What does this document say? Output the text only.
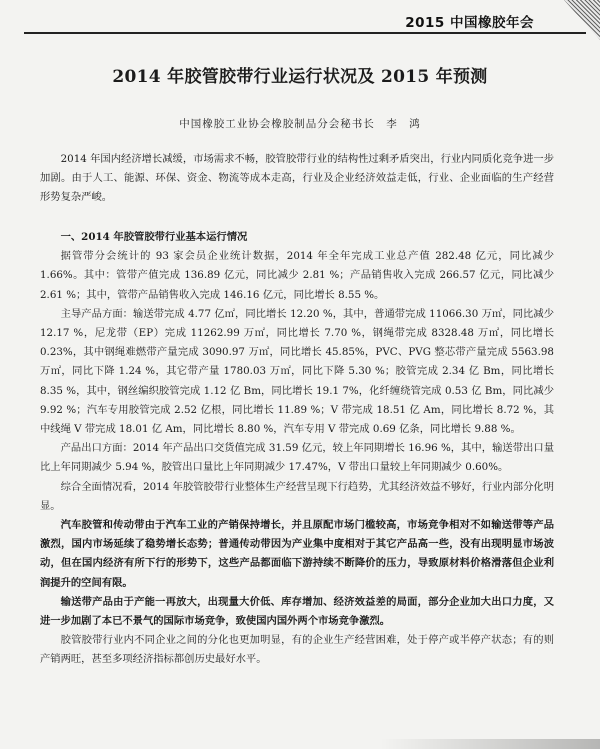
2015 中国橡胶年会
2014 年胶管胶带行业运行状况及 2015 年预测
中国橡胶工业协会橡胶制品分会秘书长　李　鸿

2014 年国内经济增长减缓，市场需求不畅，胶管胶带行业的结构性过剩矛盾突出，行业内同质化竞争进一步加剧。由于人工、能源、环保、资金、物流等成本走高，行业及企业经济效益走低，行业、企业面临的生产经营形势复杂严峻。

一、2014 年胶管胶带行业基本运行情况

据管带分会统计的 93 家会员企业统计数据，2014 年全年完成工业总产值 282.48 亿元，同比减少 1.66%。其中：管带产值完成 136.89 亿元，同比减少 2.81 %；产品销售收入完成 266.57 亿元，同比减少 2.61 %；其中，管带产品销售收入完成 146.16 亿元，同比增长 8.55 %。

主导产品方面：输送带完成 4.77 亿㎡，同比增长 12.20 %，其中，普通带完成 11066.30 万㎡，同比减少 12.17 %，尼龙带（EP）完成 11262.99 万㎡，同比增长 7.70 %，钢绳带完成 8328.48 万㎡，同比增长 0.23%，其中钢绳难燃带产量完成 3090.97 万㎡，同比增长 45.85%，PVC、PVG 整芯带产量完成 5563.98 万㎡，同比下降 1.24 %，其它带产量 1780.03 万㎡，同比下降 5.30 %；胶管完成 2.34 亿 Bm，同比增长 8.35 %，其中，钢丝编织胶管完成 1.12 亿 Bm，同比增长 19.1 7%，化纤缠绕管完成 0.53 亿 Bm，同比减少 9.92 %；汽车专用胶管完成 2.52 亿根，同比增长 11.89 %；V 带完成 18.51 亿 Am，同比增长 8.72 %，其中线绳 V 带完成 18.01 亿 Am，同比增长 8.80 %，汽车专用 V 带完成 0.69 亿条，同比增长 9.88 %。

产品出口方面：2014 年产品出口交货值完成 31.59 亿元，较上年同期增长 16.96 %，其中，输送带出口量比上年同期减少 5.94 %，胶管出口量比上年同期减少 17.47%，V 带出口量较上年同期减少 0.60%。

综合全面情况看，2014 年胶管胶带行业整体生产经营呈现下行趋势，尤其经济效益不够好，行业内部分化明显。

汽车胶管和传动带由于汽车工业的产销保持增长，并且原配市场门槛较高，市场竞争相对不如输送带等产品激烈，国内市场延续了稳势增长态势；普通传动带因为产业集中度相对于其它产品高一些，没有出现明显市场波动，但在国内经济有所下行的形势下，这些产品都面临下游持续不断降价的压力，导致原材料价格滑落但企业利润提升的空间有限。

输送带产品由于产能一再放大，出现量大价低、库存增加、经济效益差的局面，部分企业加大出口力度，又进一步加剧了本已不景气的国际市场竞争，致使国内国外两个市场竞争激烈。

胶管胶带行业内不同企业之间的分化也更加明显，有的企业生产经营困难，处于停产或半停产状态；有的则产销两旺，甚至多项经济指标都创历史最好水平。
